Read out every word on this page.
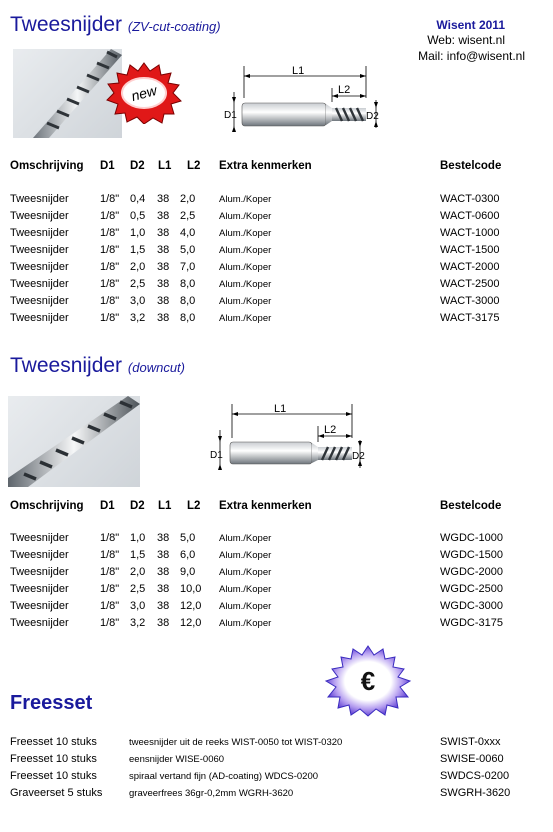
Tweesnijder (ZV-cut-coating)	Wisent 2011
Web: wisent.nl
Mail: info@wisent.nl
new
L1
L2
D1	D2
Omschrijving D1 D2 L1 L2 Extra kenmerken	Bestelcode
Tweesnijder	1/8" 0,4 38 2,0 Alum./Koper	WACT-0300
Tweesnijder	1/8" 0,5 38 2,5 Alum./Koper	WACT-0600
Tweesnijder	1/8" 1,0 38 4,0 Alum./Koper	WACT-1000
Tweesnijder	1/8" 1,5 38 5,0 Alum./Koper	WACT-1500
Tweesnijder	1/8" 2,0 38 7,0 Alum./Koper	WACT-2000
Tweesnijder	1/8" 2,5 38 8,0 Alum./Koper	WACT-2500
Tweesnijder	1/8" 3,0 38 8,0 Alum./Koper	WACT-3000
Tweesnijder	1/8" 3,2 38 8,0 Alum./Koper	WACT-3175
Tweesnijder (downcut)
L1
L2
D1	D2
Omschrijving D1 D2 L1 L2 Extra kenmerken	Bestelcode
Tweesnijder	1/8" 1,0 38 5,0 Alum./Koper	WGDC-1000
Tweesnijder	1/8" 1,5 38 6,0 Alum./Koper	WGDC-1500
Tweesnijder	1/8" 2,0 38 9,0 Alum./Koper	WGDC-2000
Tweesnijder	1/8" 2,5 38 10,0 Alum./Koper	WGDC-2500
Tweesnijder	1/8" 3,0 38 12,0 Alum./Koper	WGDC-3000
Tweesnijder	1/8" 3,2 38 12,0 Alum./Koper	WGDC-3175
€
Freesset
Freesset 10 stuks	tweesnijder uit de reeks WIST-0050 tot WIST-0320	SWIST-0xxx
Freesset 10 stuks	eensnijder WISE-0060	SWISE-0060
Freesset 10 stuks	spiraal vertand fijn (AD-coating) WDCS-0200	SWDCS-0200
Graveerset 5 stuks	graveerfrees 36gr-0,2mm WGRH-3620	SWGRH-3620
